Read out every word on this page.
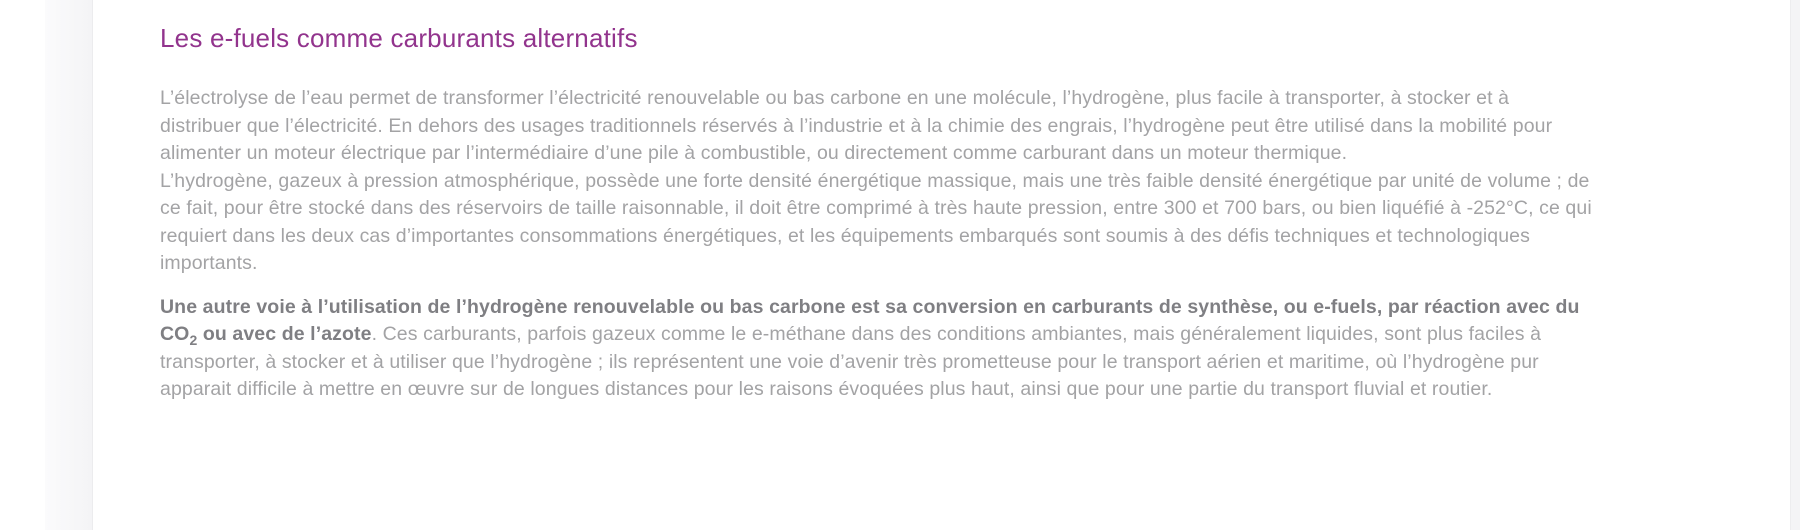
Les e-fuels comme carburants alternatifs

L’électrolyse de l’eau permet de transformer l’électricité renouvelable ou bas carbone en une molécule, l’hydrogène, plus facile à transporter, à stocker et à distribuer que l’électricité. En dehors des usages traditionnels réservés à l’industrie et à la chimie des engrais, l’hydrogène peut être utilisé dans la mobilité pour alimenter un moteur électrique par l’intermédiaire d’une pile à combustible, ou directement comme carburant dans un moteur thermique.
L’hydrogène, gazeux à pression atmosphérique, possède une forte densité énergétique massique, mais une très faible densité énergétique par unité de volume ; de ce fait, pour être stocké dans des réservoirs de taille raisonnable, il doit être comprimé à très haute pression, entre 300 et 700 bars, ou bien liquéfié à -252°C, ce qui requiert dans les deux cas d’importantes consommations énergétiques, et les équipements embarqués sont soumis à des défis techniques et technologiques importants.

Une autre voie à l’utilisation de l’hydrogène renouvelable ou bas carbone est sa conversion en carburants de synthèse, ou e-fuels, par réaction avec du $CO_2$ ou avec de l’azote. Ces carburants, parfois gazeux comme le e-méthane dans des conditions ambiantes, mais généralement liquides, sont plus faciles à transporter, à stocker et à utiliser que l’hydrogène ; ils représentent une voie d’avenir très prometteuse pour le transport aérien et maritime, où l’hydrogène pur apparait difficile à mettre en œuvre sur de longues distances pour les raisons évoquées plus haut, ainsi que pour une partie du transport fluvial et routier.
